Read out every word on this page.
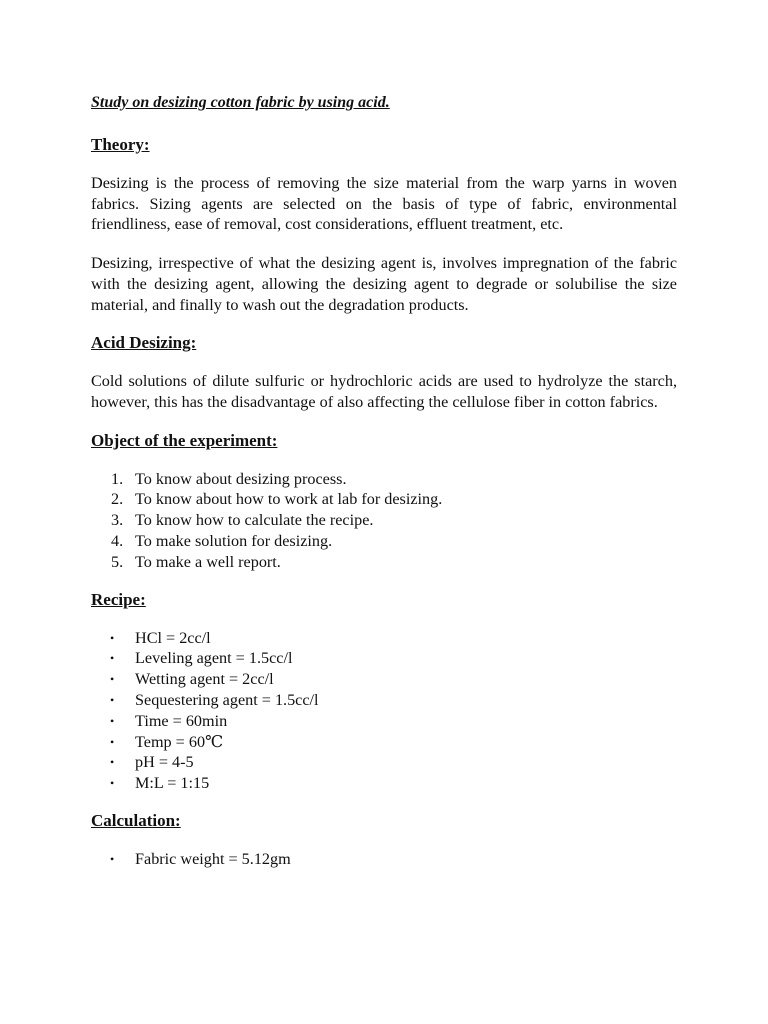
Study on desizing cotton fabric by using acid.
Theory:

Desizing is the process of removing the size material from the warp yarns in woven fabrics. Sizing agents are selected on the basis of type of fabric, environmental friendliness, ease of removal, cost considerations, effluent treatment, etc.

Desizing, irrespective of what the desizing agent is, involves impregnation of the fabric with the desizing agent, allowing the desizing agent to degrade or solubilise the size material, and finally to wash out the degradation products.

Acid Desizing:

Cold solutions of dilute sulfuric or hydrochloric acids are used to hydrolyze the starch, however, this has the disadvantage of also affecting the cellulose fiber in cotton fabrics.

Object of the experiment:
1. To know about desizing process.
2. To know about how to work at lab for desizing.
3. To know how to calculate the recipe.
4. To make solution for desizing.
5. To make a well report.
Recipe:
•	HCl = 2cc/l
•	Leveling agent = 1.5cc/l
•	Wetting agent = 2cc/l
•	Sequestering agent = 1.5cc/l
•	Time = 60min
•	Temp = 60℃
•	pH = 4-5
•	M:L = 1:15
Calculation:
•	Fabric weight = 5.12gm
